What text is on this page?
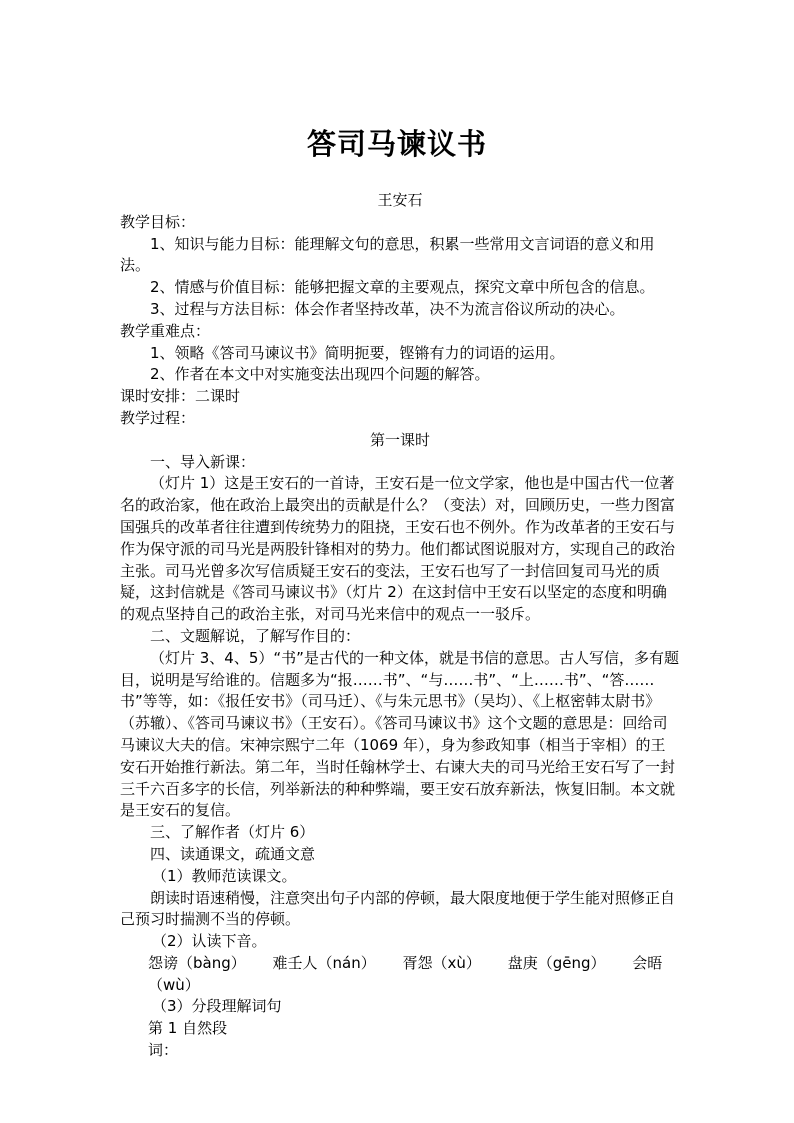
答司马谏议书

王安石

教学目标：

1、知识与能力目标：能理解文句的意思，积累一些常用文言词语的意义和用法。

2、情感与价值目标：能够把握文章的主要观点，探究文章中所包含的信息。

3、过程与方法目标：体会作者坚持改革，决不为流言俗议所动的决心。

教学重难点：

1、领略《答司马谏议书》简明扼要，铿锵有力的词语的运用。

2、作者在本文中对实施变法出现四个问题的解答。

课时安排：二课时

教学过程：

第一课时

一、导入新课：

（灯片 1）这是王安石的一首诗，王安石是一位文学家，他也是中国古代一位著名的政治家，他在政治上最突出的贡献是什么？（变法）对，回顾历史，一些力图富国强兵的改革者往往遭到传统势力的阻挠，王安石也不例外。作为改革者的王安石与作为保守派的司马光是两股针锋相对的势力。他们都试图说服对方，实现自己的政治主张。司马光曾多次写信质疑王安石的变法，王安石也写了一封信回复司马光的质疑，这封信就是《答司马谏议书》（灯片 2）在这封信中王安石以坚定的态度和明确的观点坚持自己的政治主张，对司马光来信中的观点一一驳斥。

二、文题解说，了解写作目的：

（灯片 3、4、5）“书”是古代的一种文体，就是书信的意思。古人写信，多有题目，说明是写给谁的。信题多为“报……书”、“与……书”、“上……书”、“答……书”等等，如：《报任安书》（司马迁）、《与朱元思书》（吴均）、《上枢密韩太尉书》（苏辙）、《答司马谏议书》（王安石）。《答司马谏议书》这个文题的意思是：回给司马谏议大夫的信。宋神宗熙宁二年（1069 年），身为参政知事（相当于宰相）的王安石开始推行新法。第二年，当时任翰林学士、右谏大夫的司马光给王安石写了一封三千六百多字的长信，列举新法的种种弊端，要王安石放弃新法，恢复旧制。本文就是王安石的复信。

三、了解作者（灯片 6）

四、读通课文，疏通文意

（1）教师范读课文。

朗读时语速稍慢，注意突出句子内部的停顿，最大限度地便于学生能对照修正自己预习时揣测不当的停顿。

（2）认读下音。

怨谤（bàng） 难壬人（nán） 胥怨（xù） 盘庚（gēng） 会晤（wù）

（3）分段理解词句

第 1 自然段

词：
